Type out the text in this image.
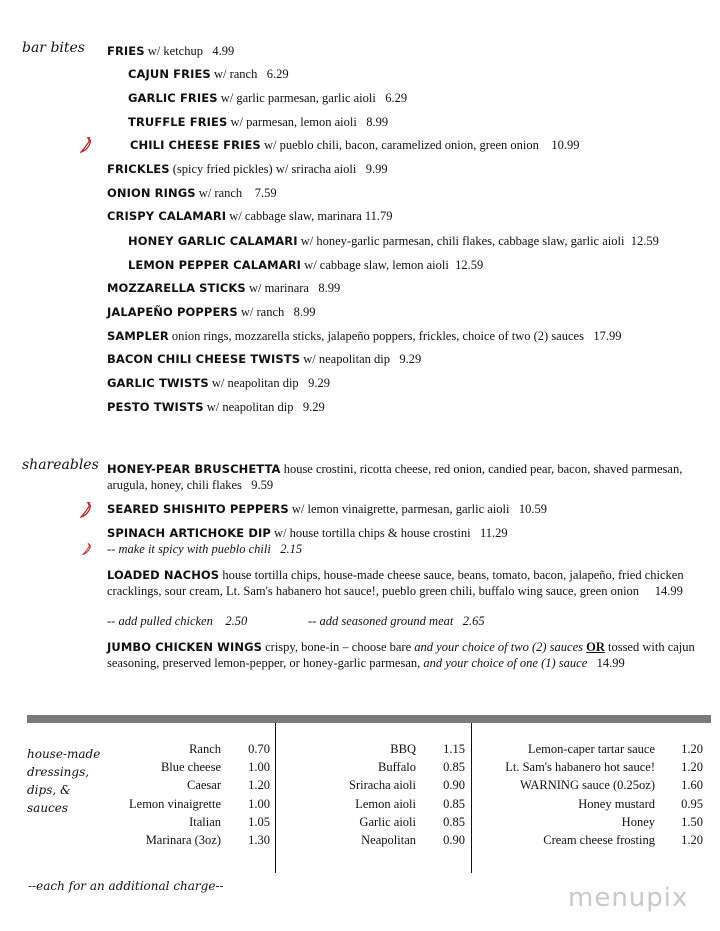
bar bites
shareables
FRIES w/ ketchup 4.99
CAJUN FRIES w/ ranch 6.29
GARLIC FRIES w/ garlic parmesan, garlic aioli 6.29
TRUFFLE FRIES w/ parmesan, lemon aioli 8.99
CHILI CHEESE FRIES w/ pueblo chili, bacon, caramelized onion, green onion 10.99
FRICKLES (spicy fried pickles) w/ sriracha aioli 9.99
ONION RINGS w/ ranch 7.59
CRISPY CALAMARI w/ cabbage slaw, marinara 11.79
HONEY GARLIC CALAMARI w/ honey-garlic parmesan, chili flakes, cabbage slaw, garlic aioli 12.59
LEMON PEPPER CALAMARI w/ cabbage slaw, lemon aioli 12.59
MOZZARELLA STICKS w/ marinara 8.99
JALAPEÑO POPPERS w/ ranch 8.99
SAMPLER onion rings, mozzarella sticks, jalapeño poppers, frickles, choice of two (2) sauces 17.99
BACON CHILI CHEESE TWISTS w/ neapolitan dip 9.29
GARLIC TWISTS w/ neapolitan dip 9.29
PESTO TWISTS w/ neapolitan dip 9.29
HONEY-PEAR BRUSCHETTA house crostini, ricotta cheese, red onion, candied pear, bacon, shaved parmesan, arugula, honey, chili flakes 9.59
SEARED SHISHITO PEPPERS w/ lemon vinaigrette, parmesan, garlic aioli 10.59
SPINACH ARTICHOKE DIP w/ house tortilla chips & house crostini 11.29
-- make it spicy with pueblo chili 2.15
LOADED NACHOS house tortilla chips, house-made cheese sauce, beans, tomato, bacon, jalapeño, fried chicken cracklings, sour cream, Lt. Sam's habanero hot sauce!, pueblo green chili, buffalo wing sauce, green onion 14.99
-- add pulled chicken 2.50	-- add seasoned ground meat 2.65
JUMBO CHICKEN WINGS crispy, bone-in – choose bare and your choice of two (2) sauces OR tossed with cajun seasoning, preserved lemon-pepper, or honey-garlic parmesan, and your choice of one (1) sauce 14.99
house-made
dressings,
dips, &
sauces
Ranch 0.70
Blue cheese 1.00
Caesar 1.20
Lemon vinaigrette 1.00
Italian 1.05
Marinara (3oz) 1.30
BBQ 1.15
Buffalo 0.85
Sriracha aioli 0.90
Lemon aioli 0.85
Garlic aioli 0.85
Neapolitan 0.90
Lemon-caper tartar sauce 1.20
Lt. Sam's habanero hot sauce! 1.20
WARNING sauce (0.25oz) 1.60
Honey mustard 0.95
Honey 1.50
Cream cheese frosting 1.20
--each for an additional charge--	menupix
